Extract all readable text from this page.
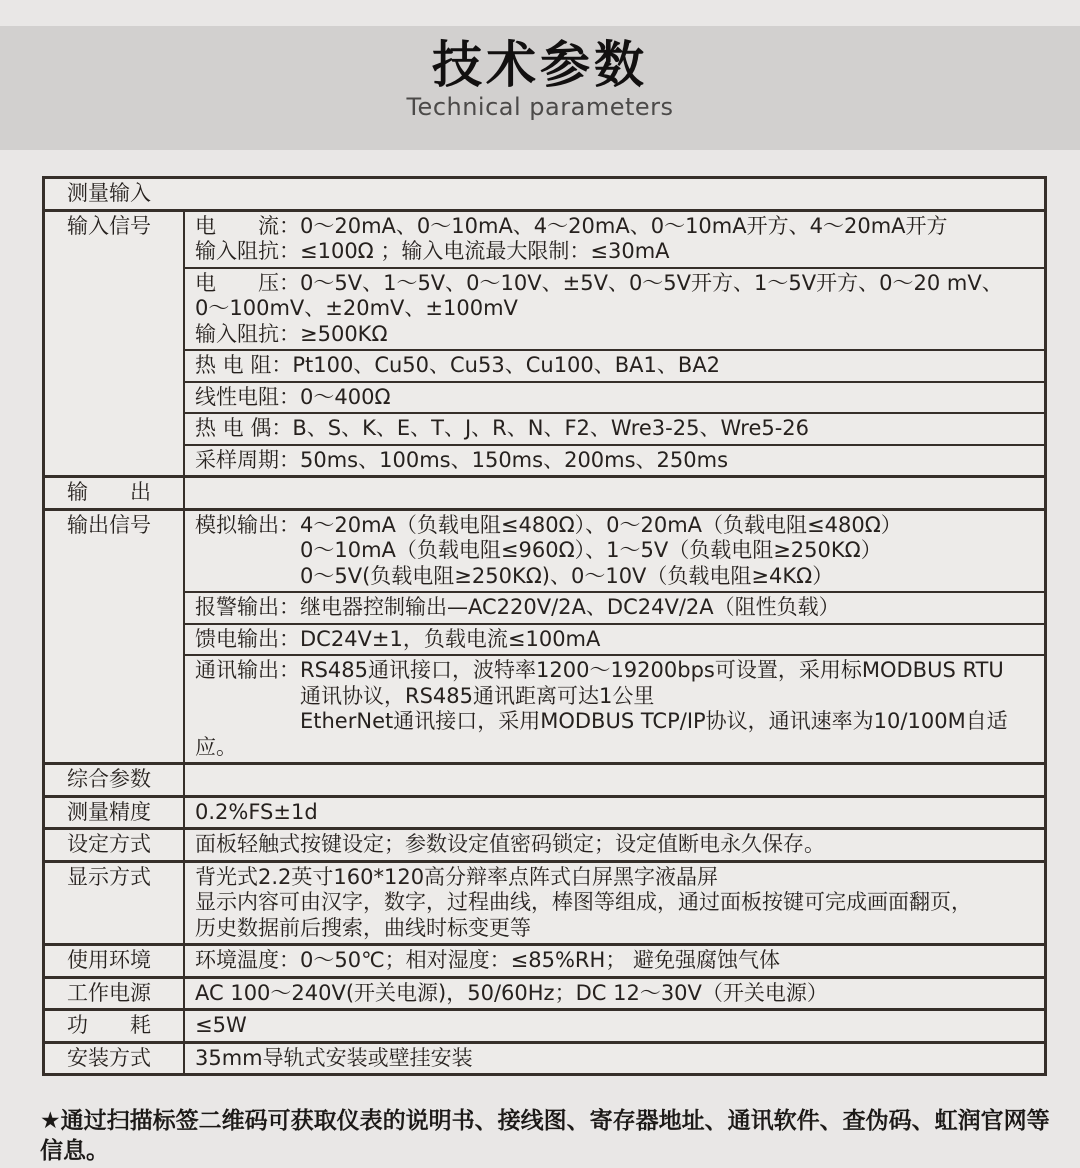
技术参数
Technical parameters
测量输入
输入信号	电　　流：0～20mA、0～10mA、4～20mA、0～10mA开方、4～20mA开方
输入阻抗：≤100Ω ；输入电流最大限制：≤30mA
电　　压：0～5V、1～5V、0～10V、±5V、0～5V开方、1～5V开方、0～20 mV、
0～100mV、±20mV、±100mV
输入阻抗：≥500KΩ
热 电 阻：Pt100、Cu50、Cu53、Cu100、BA1、BA2
线性电阻：0～400Ω
热 电 偶：B、S、K、E、T、J、R、N、F2、Wre3-25、Wre5-26
采样周期：50ms、100ms、150ms、200ms、250ms
输　　出
输出信号	模拟输出：4～20mA（负载电阻≤480Ω）、0～20mA（负载电阻≤480Ω）
　　　　　0～10mA（负载电阻≤960Ω）、1～5V（负载电阻≥250KΩ）
　　　　　0～5V(负载电阻≥250KΩ)、0～10V（负载电阻≥4KΩ）
报警输出：继电器控制输出—AC220V/2A、DC24V/2A（阻性负载）
馈电输出：DC24V±1，负载电流≤100mA
通讯输出：RS485通讯接口，波特率1200～19200bps可设置，采用标MODBUS RTU
　　　　　通讯协议，RS485通讯距离可达1公里
　　　　　EtherNet通讯接口，采用MODBUS TCP/IP协议，通讯速率为10/100M自适应。
综合参数
测量精度	0.2%FS±1d
设定方式	面板轻触式按键设定；参数设定值密码锁定；设定值断电永久保存。
显示方式	背光式2.2英寸160*120高分辩率点阵式白屏黑字液晶屏
显示内容可由汉字，数字，过程曲线，棒图等组成，通过面板按键可完成画面翻页，
历史数据前后搜索，曲线时标变更等
使用环境	环境温度：0～50℃；相对湿度：≤85%RH； 避免强腐蚀气体
工作电源	AC 100～240V(开关电源)，50/60Hz；DC 12～30V（开关电源）
功　　耗	≤5W
安装方式	35mm导轨式安装或壁挂安装
★通过扫描标签二维码可获取仪表的说明书、接线图、寄存器地址、通讯软件、查伪码、虹润官网等信息。
